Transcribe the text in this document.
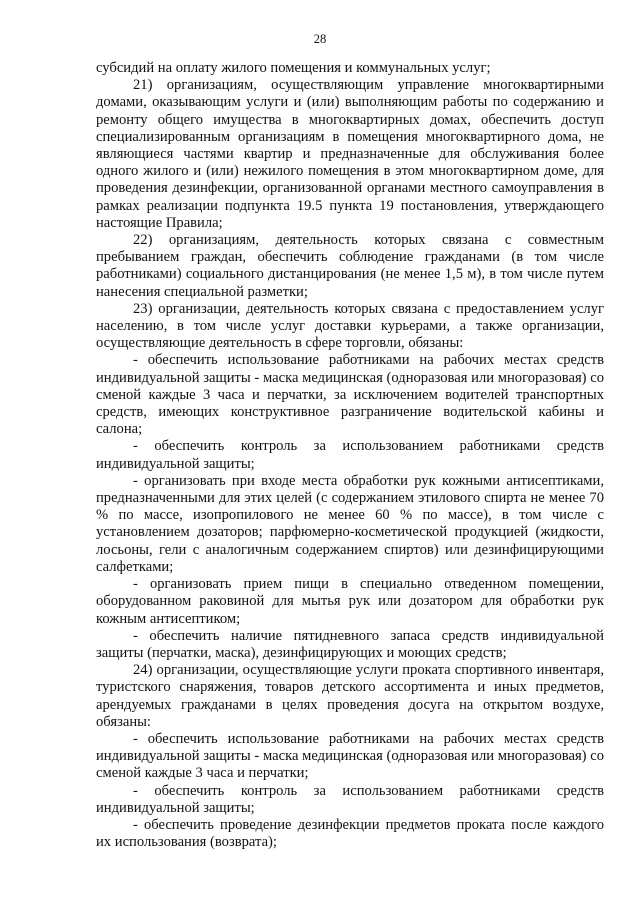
28

субсидий на оплату жилого помещения и коммунальных услуг;

21) организациям, осуществляющим управление многоквартирными домами, оказывающим услуги и (или) выполняющим работы по содержанию и ремонту общего имущества в многоквартирных домах, обеспечить доступ специализированным организациям в помещения многоквартирного дома, не являющиеся частями квартир и предназначенные для обслуживания более одного жилого и (или) нежилого помещения в этом многоквартирном доме, для проведения дезинфекции, организованной органами местного самоуправления в рамках реализации подпункта 19.5 пункта 19 постановления, утверждающего настоящие Правила;

22) организациям, деятельность которых связана с совместным пребыванием граждан, обеспечить соблюдение гражданами (в том числе работниками) социального дистанцирования (не менее 1,5 м), в том числе путем нанесения специальной разметки;

23) организации, деятельность которых связана с предоставлением услуг населению, в том числе услуг доставки курьерами, а также организации, осуществляющие деятельность в сфере торговли, обязаны:

- обеспечить использование работниками на рабочих местах средств индивидуальной защиты - маска медицинская (одноразовая или многоразовая) со сменой каждые 3 часа и перчатки, за исключением водителей транспортных средств, имеющих конструктивное разграничение водительской кабины и салона;

- обеспечить контроль за использованием работниками средств индивидуальной защиты;

- организовать при входе места обработки рук кожными антисептиками, предназначенными для этих целей (с содержанием этилового спирта не менее 70 % по массе, изопропилового не менее 60 % по массе), в том числе с установлением дозаторов; парфюмерно-косметической продукцией (жидкости, лосьоны, гели с аналогичным содержанием спиртов) или дезинфицирующими салфетками;

- организовать прием пищи в специально отведенном помещении, оборудованном раковиной для мытья рук или дозатором для обработки рук кожным антисептиком;

- обеспечить наличие пятидневного запаса средств индивидуальной защиты (перчатки, маска), дезинфицирующих и моющих средств;

24) организации, осуществляющие услуги проката спортивного инвентаря, туристского снаряжения, товаров детского ассортимента и иных предметов, арендуемых гражданами в целях проведения досуга на открытом воздухе, обязаны:

- обеспечить использование работниками на рабочих местах средств индивидуальной защиты - маска медицинская (одноразовая или многоразовая) со сменой каждые 3 часа и перчатки;

- обеспечить контроль за использованием работниками средств индивидуальной защиты;

- обеспечить проведение дезинфекции предметов проката после каждого их использования (возврата);
